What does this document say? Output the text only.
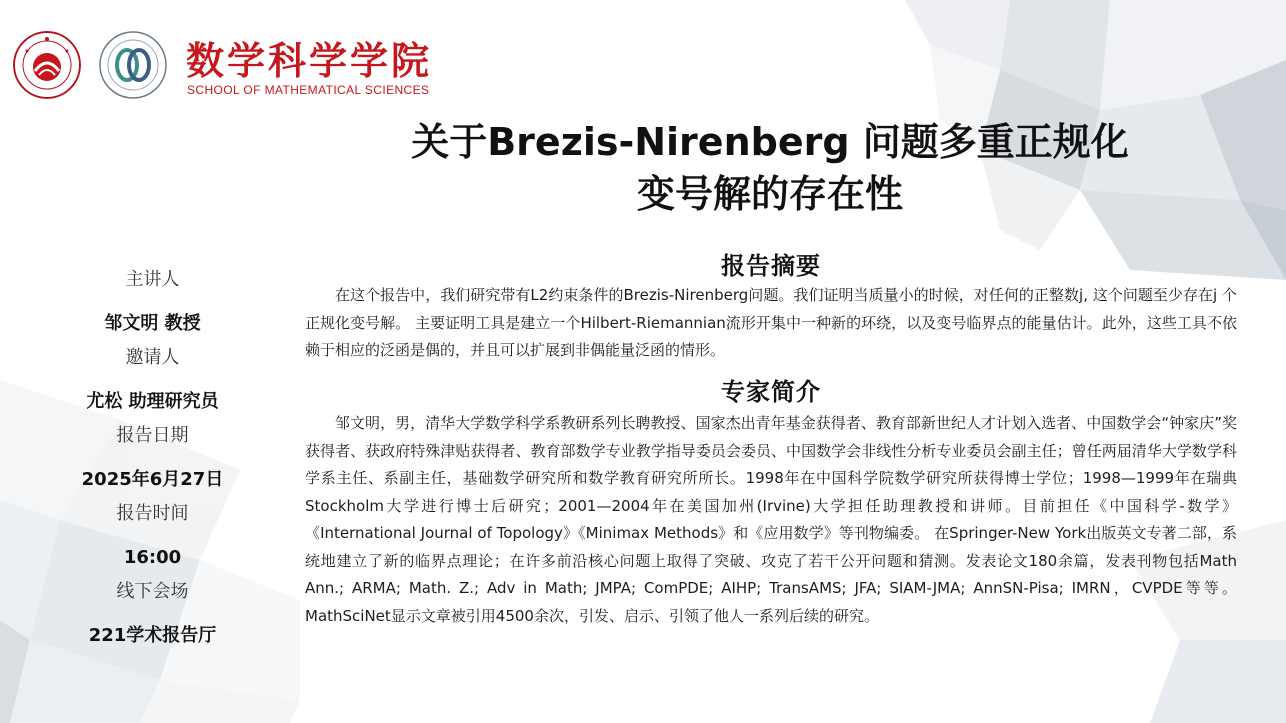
数学科学学院
SCHOOL OF MATHEMATICAL SCIENCES
关于Brezis-Nirenberg 问题多重正规化
变号解的存在性
主讲人
邹文明 教授
邀请人
尤松 助理研究员
报告日期
2025年6月27日
报告时间
16:00
线下会场
221学术报告厅
报告摘要

在这个报告中，我们研究带有L2约束条件的Brezis-Nirenberg问题。我们证明当质量小的时候，对任何的正整数j, 这个问题至少存在j 个正规化变号解。 主要证明工具是建立一个Hilbert-Riemannian流形开集中一种新的环绕，以及变号临界点的能量估计。此外，这些工具不依赖于相应的泛函是偶的，并且可以扩展到非偶能量泛函的情形。

专家简介

邹文明，男，清华大学数学科学系教研系列长聘教授、国家杰出青年基金获得者、教育部新世纪人才计划入选者、中国数学会“钟家庆”奖获得者、获政府特殊津贴获得者、教育部数学专业教学指导委员会委员、中国数学会非线性分析专业委员会副主任；曾任两届清华大学数学科学系主任、系副主任，基础数学研究所和数学教育研究所所长。1998年在中国科学院数学研究所获得博士学位；1998—1999年在瑞典Stockholm大学进行博士后研究；2001—2004年在美国加州(Irvine)大学担任助理教授和讲师。目前担任《中国科学-数学》《International Journal of Topology》《Minimax Methods》和《应用数学》等刊物编委。 在Springer-New York出版英文专著二部，系统地建立了新的临界点理论；在许多前沿核心问题上取得了突破、攻克了若干公开问题和猜测。发表论文180余篇，发表刊物包括Math Ann.; ARMA; Math. Z.; Adv in Math; JMPA; ComPDE; AIHP; TransAMS; JFA; SIAM-JMA; AnnSN-Pisa; IMRN，CVPDE等等。MathSciNet显示文章被引用4500余次，引发、启示、引领了他人一系列后续的研究。
